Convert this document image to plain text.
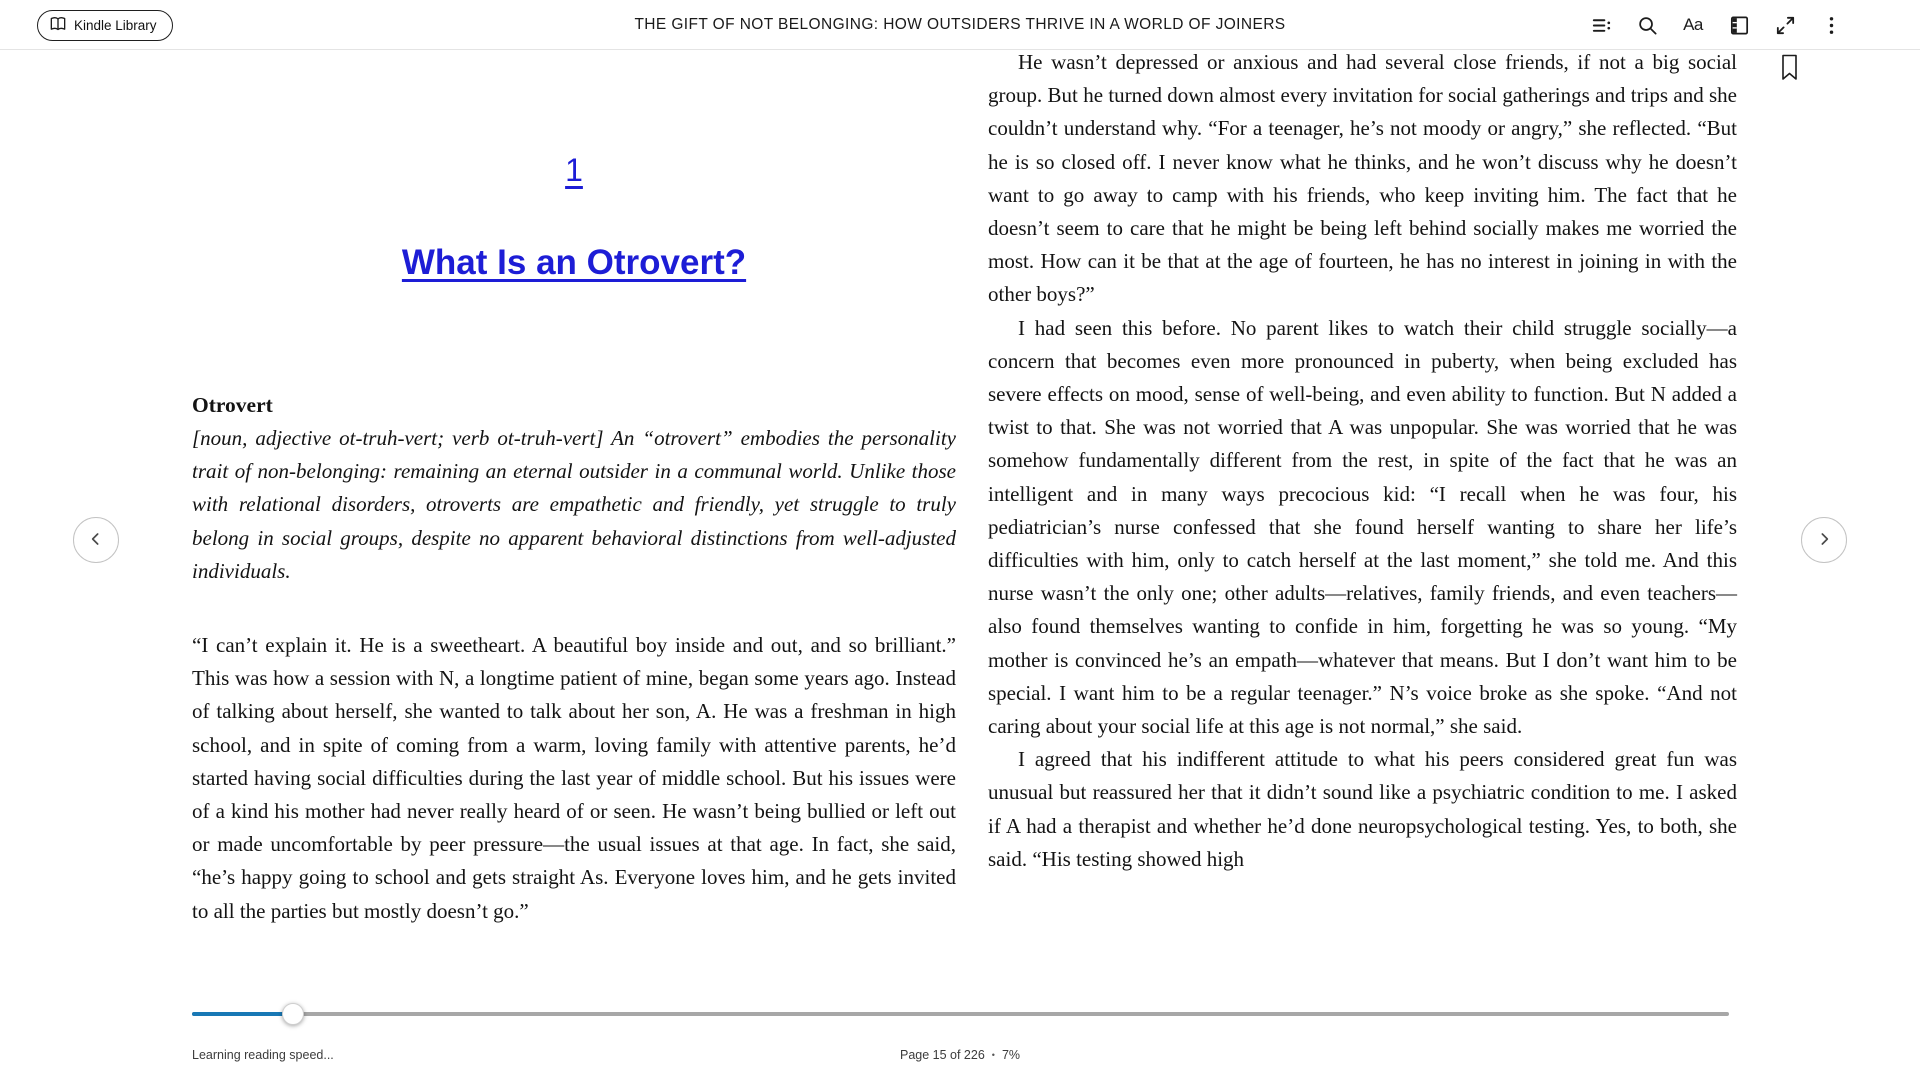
Kindle Library	THE GIFT OF NOT BELONGING: HOW OUTSIDERS THRIVE IN A WORLD OF JOINERS	Aa
1
What Is an Otrovert?
Otrovert

[noun, adjective ot-truh-vert; verb ot-truh-vert] An “otrovert” embodies the personality trait of non-belonging: remaining an eternal outsider in a communal world. Unlike those with relational disorders, otroverts are empathetic and friendly, yet struggle to truly belong in social groups, despite no apparent behavioral distinctions from well-adjusted individuals.

“I can’t explain it. He is a sweetheart. A beautiful boy inside and out, and so brilliant.” This was how a session with N, a longtime patient of mine, began some years ago. Instead of talking about herself, she wanted to talk about her son, A. He was a freshman in high school, and in spite of coming from a warm, loving family with attentive parents, he’d started having social difficulties during the last year of middle school. But his issues were of a kind his mother had never really heard of or seen. He wasn’t being bullied or left out or made uncomfortable by peer pressure—the usual issues at that age. In fact, she said, “he’s happy going to school and gets straight As. Everyone loves him, and he gets invited to all the parties but mostly doesn’t go.”

He wasn’t depressed or anxious and had several close friends, if not a big social group. But he turned down almost every invitation for social gatherings and trips and she couldn’t understand why. “For a teenager, he’s not moody or angry,” she reflected. “But he is so closed off. I never know what he thinks, and he won’t discuss why he doesn’t want to go away to camp with his friends, who keep inviting him. The fact that he doesn’t seem to care that he might be being left behind socially makes me worried the most. How can it be that at the age of fourteen, he has no interest in joining in with the other boys?”

I had seen this before. No parent likes to watch their child struggle socially—a concern that becomes even more pronounced in puberty, when being excluded has severe effects on mood, sense of well-being, and even ability to function. But N added a twist to that. She was not worried that A was unpopular. She was worried that he was somehow fundamentally different from the rest, in spite of the fact that he was an intelligent and in many ways precocious kid: “I recall when he was four, his pediatrician’s nurse confessed that she found herself wanting to share her life’s difficulties with him, only to catch herself at the last moment,” she told me. And this nurse wasn’t the only one; other adults—relatives, family friends, and even teachers—also found themselves wanting to confide in him, forgetting he was so young. “My mother is convinced he’s an empath—whatever that means. But I don’t want him to be special. I want him to be a regular teenager.” N’s voice broke as she spoke. “And not caring about your social life at this age is not normal,” she said.

I agreed that his indifferent attitude to what his peers considered great fun was unusual but reassured her that it didn’t sound like a psychiatric condition to me. I asked if A had a therapist and whether he’d done neuropsychological testing. Yes, to both, she said. “His testing showed high

Learning reading speed...	Page 15 of 226 • 7%
